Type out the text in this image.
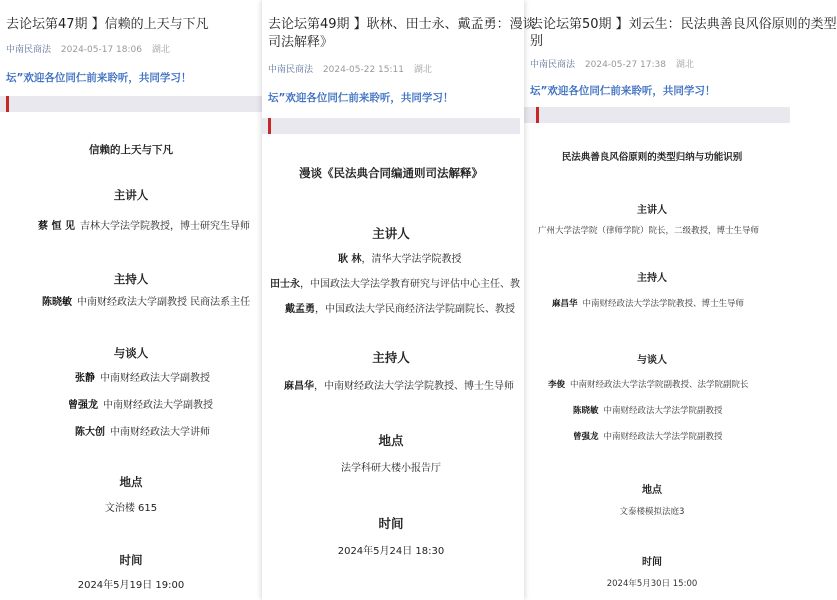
去论坛第47期 】信赖的上天与下凡
中南民商法 2024-05-17 18:06 湖北
坛”欢迎各位同仁前来聆听，共同学习！
信赖的上天与下凡
主讲人
蔡 恒 见 吉林大学法学院教授，博士研究生导师
主持人
陈晓敏 中南财经政法大学副教授 民商法系主任
与谈人
张静 中南财经政法大学副教授
曾强龙 中南财经政法大学副教授
陈大创 中南财经政法大学讲师
地点
文治楼 615
时间
2024年5月19日 19:00
去论坛第50期 】刘云生：民法典善良风俗原则的类型
别
中南民商法 2024-05-27 17:38 湖北
坛”欢迎各位同仁前来聆听，共同学习！
民法典善良风俗原则的类型归纳与功能识别
主讲人
广州大学法学院（律师学院）院长，二级教授，博士生导师
主持人
麻昌华 中南财经政法大学法学院教授、博士生导师
与谈人
李俊 中南财经政法大学法学院副教授、法学院副院长
陈晓敏 中南财经政法大学法学院副教授
曾强龙 中南财经政法大学法学院副教授
地点
文泰楼模拟法庭3
时间
2024年5月30日 15:00
去论坛第49期 】耿林、田士永、戴孟勇：漫谈
司法解释》
中南民商法 2024-05-22 15:11 湖北
坛”欢迎各位同仁前来聆听，共同学习！
漫谈《民法典合同编通则司法解释》
主讲人
耿 林，清华大学法学院教授
田士永，中国政法大学法学教育研究与评估中心主任、教
戴孟勇，中国政法大学民商经济法学院副院长、教授
主持人
麻昌华，中南财经政法大学法学院教授、博士生导师
地点
法学科研大楼小报告厅
时间
2024年5月24日 18:30
